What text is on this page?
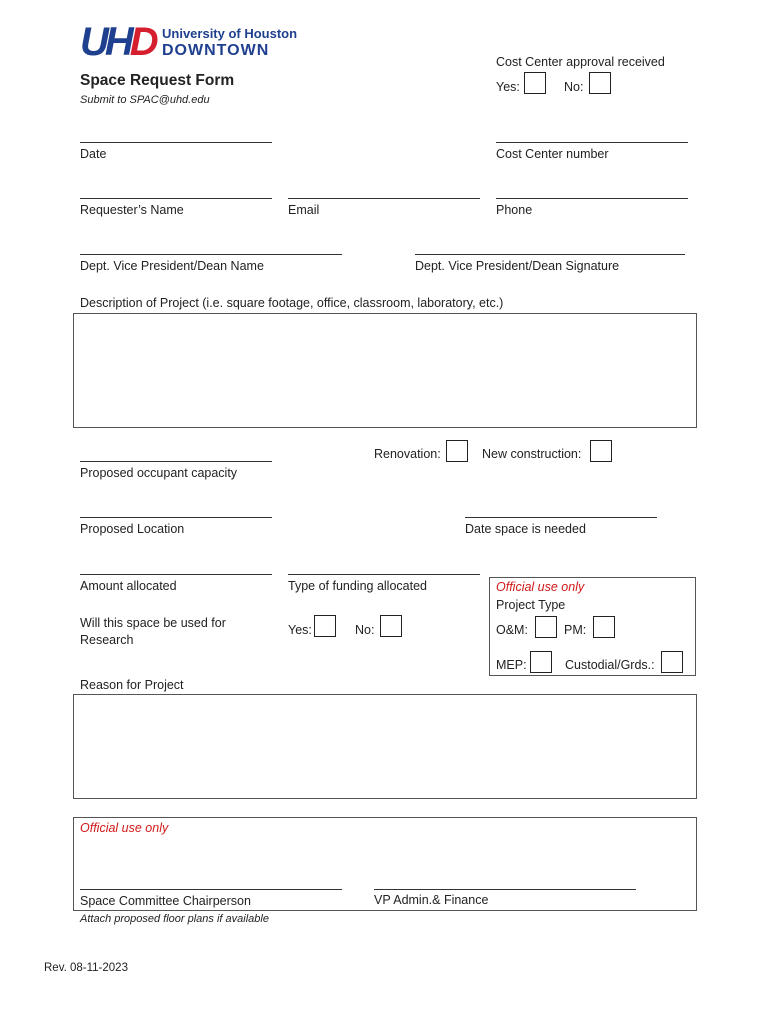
UHD University of Houston
DOWNTOWN
Space Request Form
Submit to SPAC@uhd.edu
Cost Center approval received
Yes:	No:
Date	Cost Center number
Requester’s Name	Email	Phone
Dept. Vice President/Dean Name	Dept. Vice President/Dean Signature
Description of Project (i.e. square footage, office, classroom, laboratory, etc.)
Proposed occupant capacity
Renovation:	New construction:
Proposed Location	Date space is needed
Amount allocated	Type of funding allocated
Will this space be used for
Research
Yes:	No:
Official use only
Project Type
O&M:	PM:
MEP:	Custodial/Grds.:
Reason for Project
Official use only
Space Committee Chairperson	VP Admin.& Finance
Attach proposed floor plans if available
Rev. 08-11-2023
